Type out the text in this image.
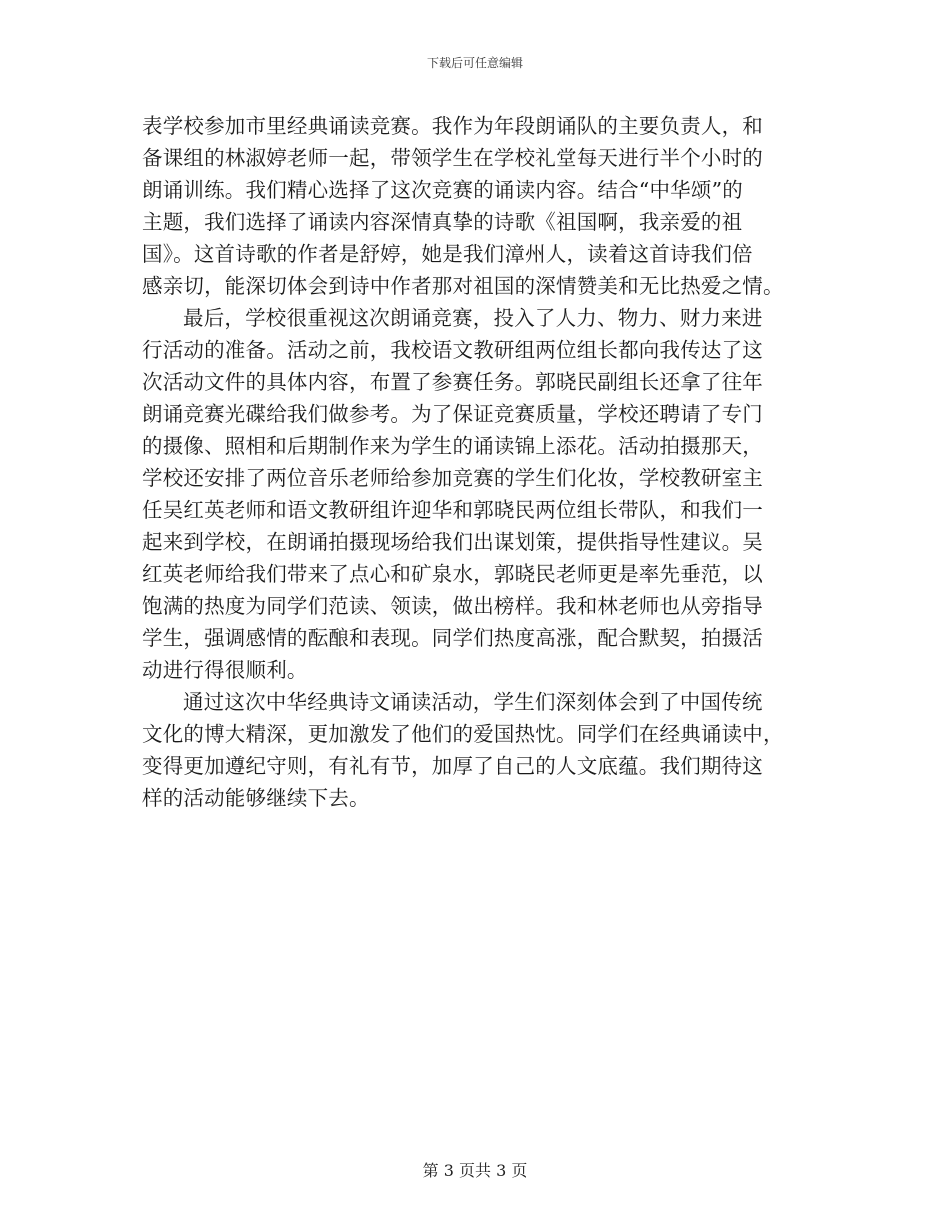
下载后可任意编辑
表学校参加市里经典诵读竞赛。我作为年段朗诵队的主要负责人，和
备课组的林淑婷老师一起，带领学生在学校礼堂每天进行半个小时的
朗诵训练。我们精心选择了这次竞赛的诵读内容。结合“中华颂”的
主题，我们选择了诵读内容深情真挚的诗歌《祖国啊，我亲爱的祖
国》。这首诗歌的作者是舒婷，她是我们漳州人，读着这首诗我们倍
感亲切，能深切体会到诗中作者那对祖国的深情赞美和无比热爱之情。
最后，学校很重视这次朗诵竞赛，投入了人力、物力、财力来进
行活动的准备。活动之前，我校语文教研组两位组长都向我传达了这
次活动文件的具体内容，布置了参赛任务。郭晓民副组长还拿了往年
朗诵竞赛光碟给我们做参考。为了保证竞赛质量，学校还聘请了专门
的摄像、照相和后期制作来为学生的诵读锦上添花。活动拍摄那天，
学校还安排了两位音乐老师给参加竞赛的学生们化妆，学校教研室主
任吴红英老师和语文教研组许迎华和郭晓民两位组长带队，和我们一
起来到学校，在朗诵拍摄现场给我们出谋划策，提供指导性建议。吴
红英老师给我们带来了点心和矿泉水，郭晓民老师更是率先垂范，以
饱满的热度为同学们范读、领读，做出榜样。我和林老师也从旁指导
学生，强调感情的酝酿和表现。同学们热度高涨，配合默契，拍摄活
动进行得很顺利。
通过这次中华经典诗文诵读活动，学生们深刻体会到了中国传统
文化的博大精深，更加激发了他们的爱国热忱。同学们在经典诵读中，
变得更加遵纪守则，有礼有节，加厚了自己的人文底蕴。我们期待这
样的活动能够继续下去。
第 3 页共 3 页
